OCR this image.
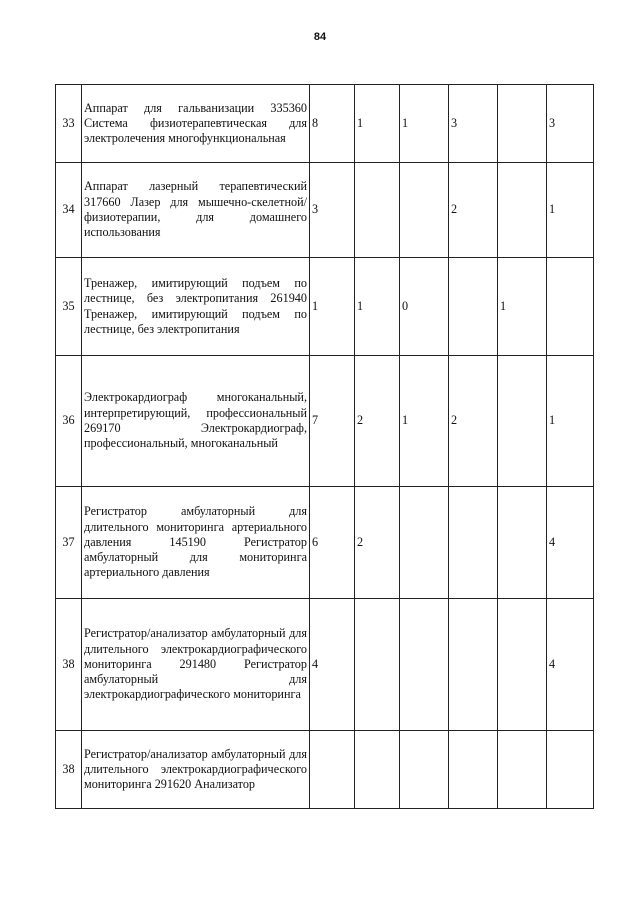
84
33	Аппарат для гальванизации 335360 Система физиотерапевтическая для электролечения многофункциональная	8	1	1	3		3
34	Аппарат лазерный терапевтический 317660 Лазер для мышечно-скелетной/физиотерапии, для домашнего использования	3			2		1
35	Тренажер, имитирующий подъем по лестнице, без электропитания 261940 Тренажер, имитирующий подъем по лестнице, без электропитания	1	1	0		1	
36	Электрокардиограф многоканальный, интерпретирующий, профессиональный 269170 Электрокардиограф, профессиональный, многоканальный	7	2	1	2		1
37	Регистратор амбулаторный для длительного мониторинга артериального давления 145190 Регистратор амбулаторный для мониторинга артериального давления	6	2				4
38	Регистратор/анализатор амбулаторный для длительного электрокардиографического мониторинга 291480 Регистратор амбулаторный для электрокардиографического мониторинга	4					4
38	Регистратор/анализатор амбулаторный для длительного электрокардиографического мониторинга 291620 Анализатор						
